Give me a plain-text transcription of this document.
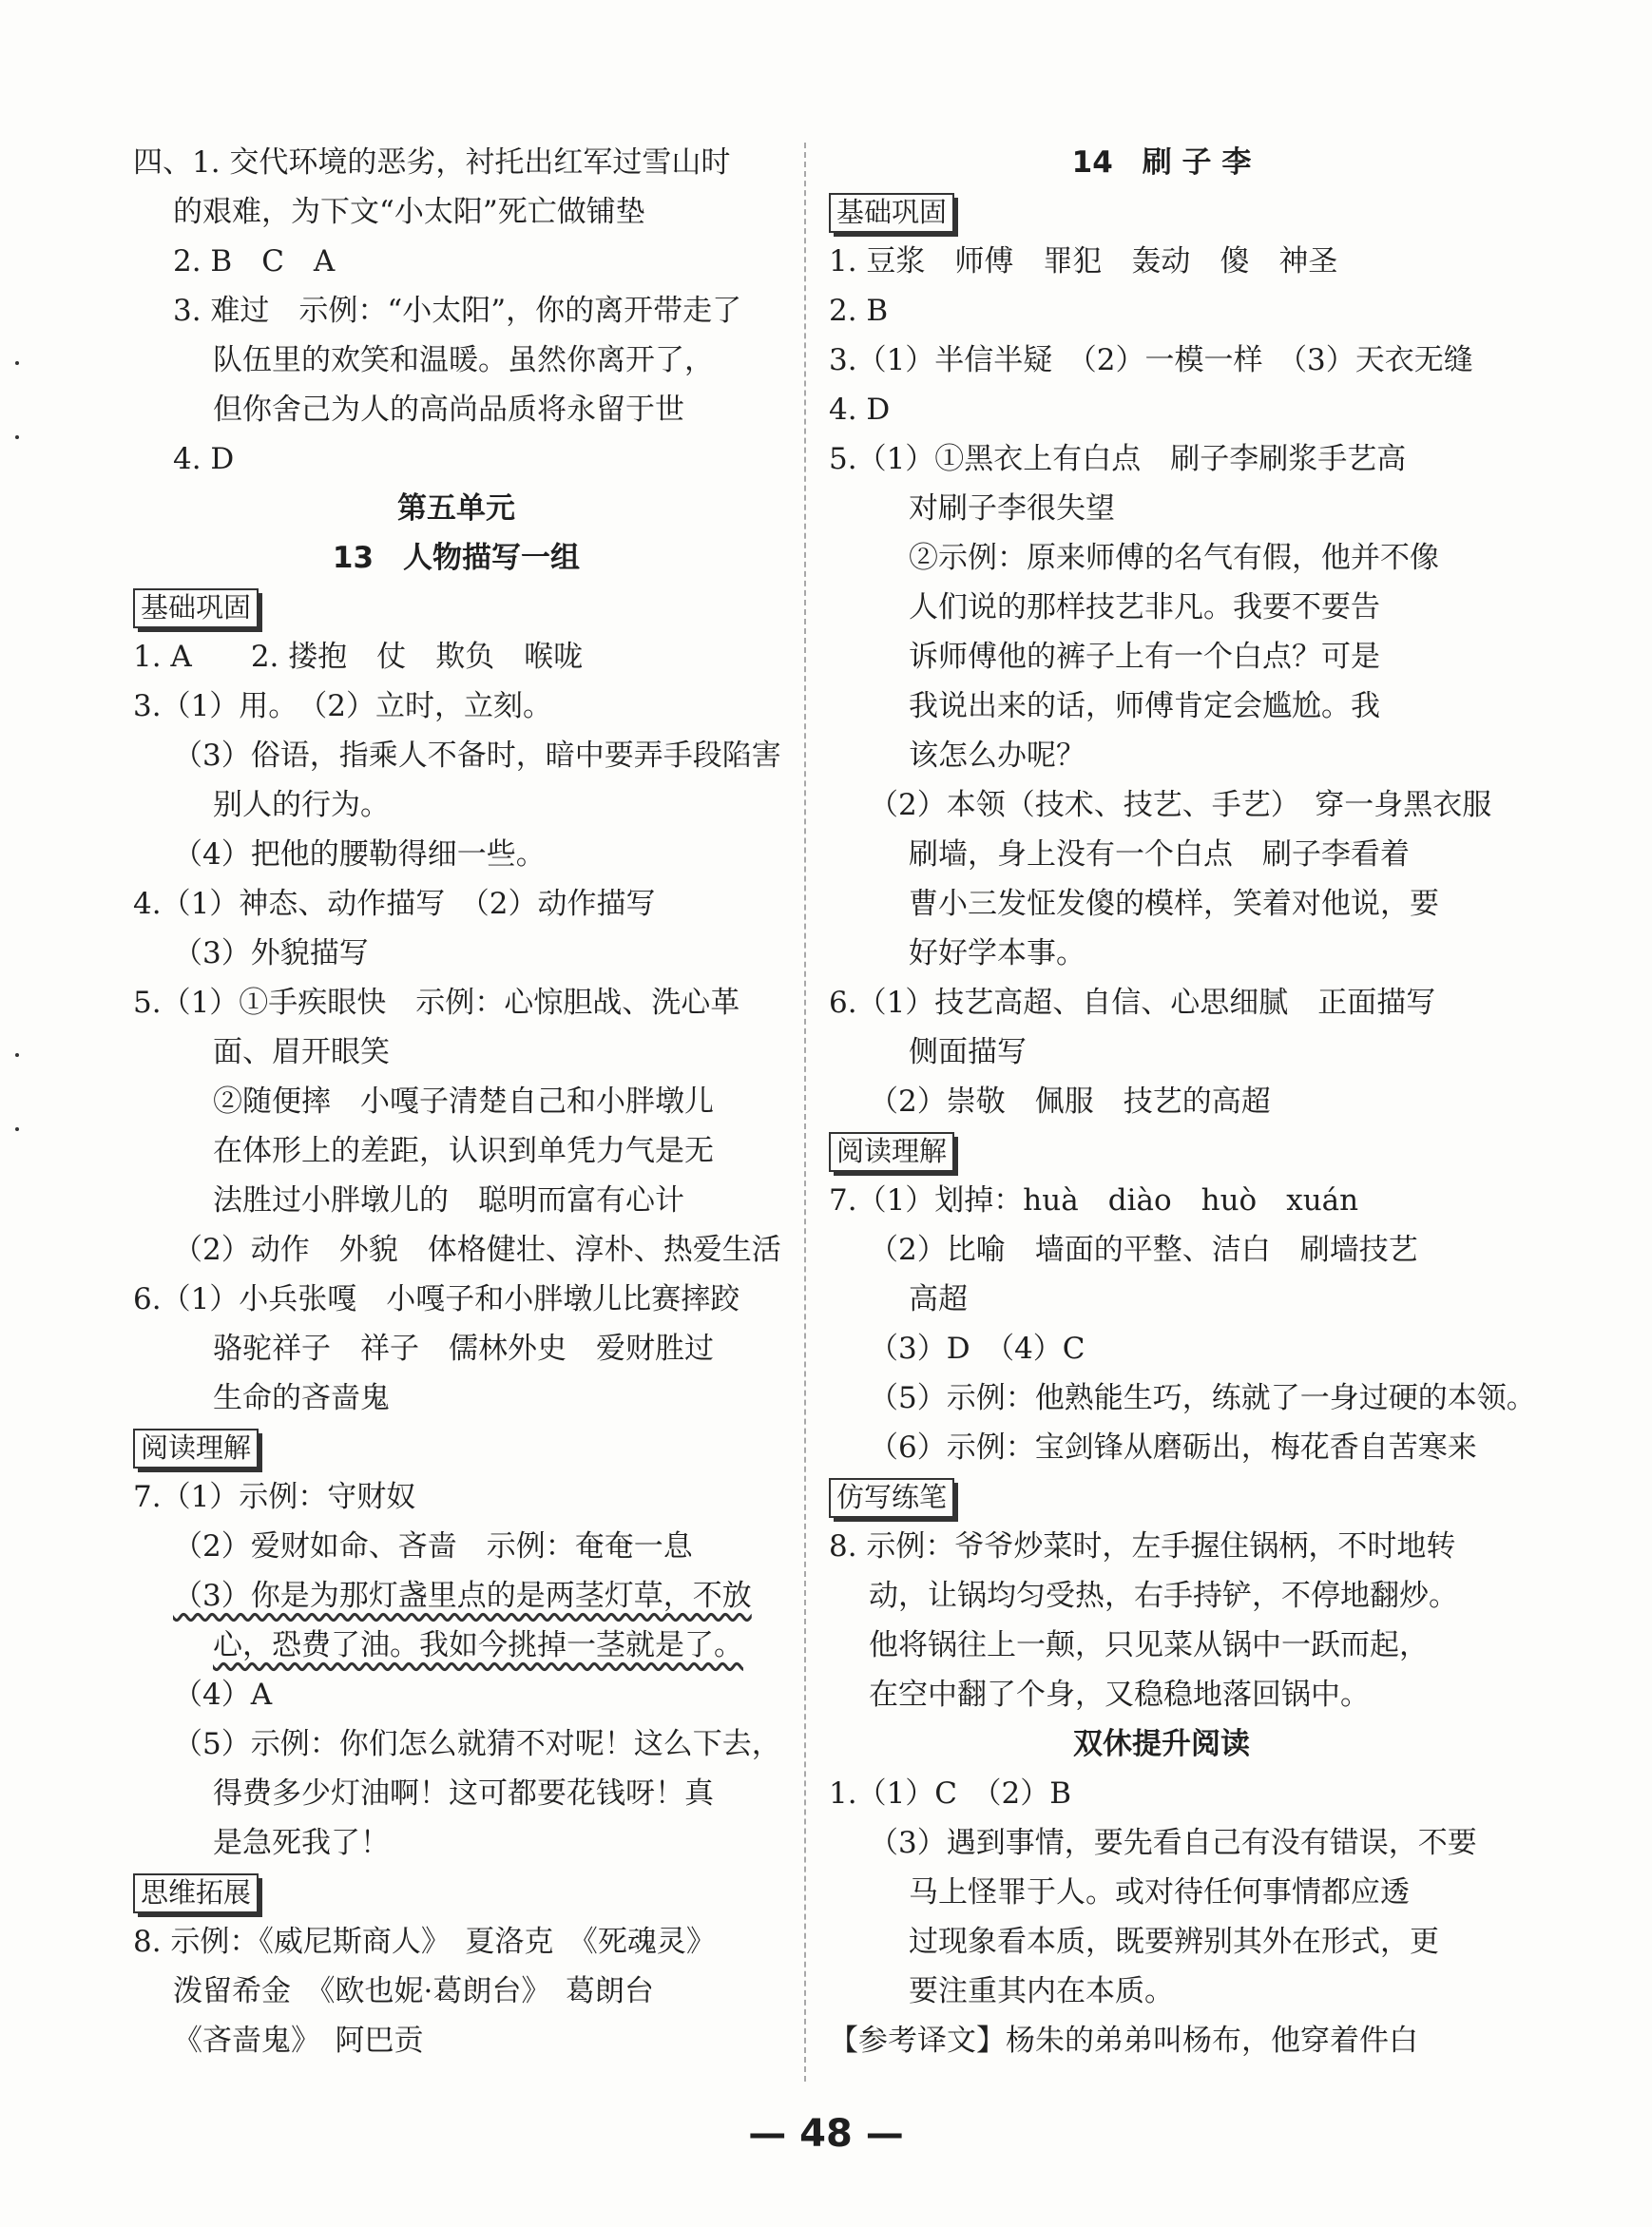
四、1. 交代环境的恶劣，衬托出红军过雪山时
的艰难，为下文“小太阳”死亡做铺垫
2. B　C　A
3. 难过　示例：“小太阳”，你的离开带走了
队伍里的欢笑和温暖。虽然你离开了，
但你舍己为人的高尚品质将永留于世
4. D
第五单元
13　人物描写一组
基础巩固
1. A　　2. 搂抱　仗　欺负　喉咙
3.（1）用。　（2）立时，立刻。
（3）俗语，指乘人不备时，暗中要弄手段陷害
别人的行为。
（4）把他的腰勒得细一些。
4.（1）神态、动作描写　（2）动作描写
（3）外貌描写
5.（1）①手疾眼快　示例：心惊胆战、洗心革
面、眉开眼笑
②随便摔　小嘎子清楚自己和小胖墩儿
在体形上的差距，认识到单凭力气是无
法胜过小胖墩儿的　聪明而富有心计
（2）动作　外貌　体格健壮、淳朴、热爱生活
6.（1）小兵张嘎　小嘎子和小胖墩儿比赛摔跤
骆驼祥子　祥子　儒林外史　爱财胜过
生命的吝啬鬼
阅读理解
7.（1）示例：守财奴
（2）爱财如命、吝啬　示例：奄奄一息
（3）你是为那灯盏里点的是两茎灯草，不放
心，恐费了油。我如今挑掉一茎就是了。
（4）A
（5）示例：你们怎么就猜不对呢！这么下去，
得费多少灯油啊！这可都要花钱呀！真
是急死我了！
思维拓展
8. 示例：《威尼斯商人》　夏洛克　《死魂灵》
泼留希金　《欧也妮·葛朗台》　葛朗台
《吝啬鬼》　阿巴贡
14　刷 子 李
基础巩固
1. 豆浆　师傅　罪犯　轰动　傻　神圣
2. B
3.（1）半信半疑　（2）一模一样　（3）天衣无缝
4. D
5.（1）①黑衣上有白点　刷子李刷浆手艺高
对刷子李很失望
②示例：原来师傅的名气有假，他并不像
人们说的那样技艺非凡。我要不要告
诉师傅他的裤子上有一个白点？可是
我说出来的话，师傅肯定会尴尬。我
该怎么办呢？
（2）本领（技术、技艺、手艺）　穿一身黑衣服
刷墙，身上没有一个白点　刷子李看着
曹小三发怔发傻的模样，笑着对他说，要
好好学本事。
6.（1）技艺高超、自信、心思细腻　正面描写
侧面描写
（2）崇敬　佩服　技艺的高超
阅读理解
7.（1）划掉：huà　diào　huò　xuán
（2）比喻　墙面的平整、洁白　刷墙技艺
高超
（3）D　（4）C
（5）示例：他熟能生巧，练就了一身过硬的本领。
（6）示例：宝剑锋从磨砺出，梅花香自苦寒来
仿写练笔
8. 示例：爷爷炒菜时，左手握住锅柄，不时地转
动，让锅均匀受热，右手持铲，不停地翻炒。
他将锅往上一颠，只见菜从锅中一跃而起，
在空中翻了个身，又稳稳地落回锅中。
双休提升阅读
1.（1）C　（2）B
（3）遇到事情，要先看自己有没有错误，不要
马上怪罪于人。或对待任何事情都应透
过现象看本质，既要辨别其外在形式，更
要注重其内在本质。
【参考译文】杨朱的弟弟叫杨布，他穿着件白
— 48 —
